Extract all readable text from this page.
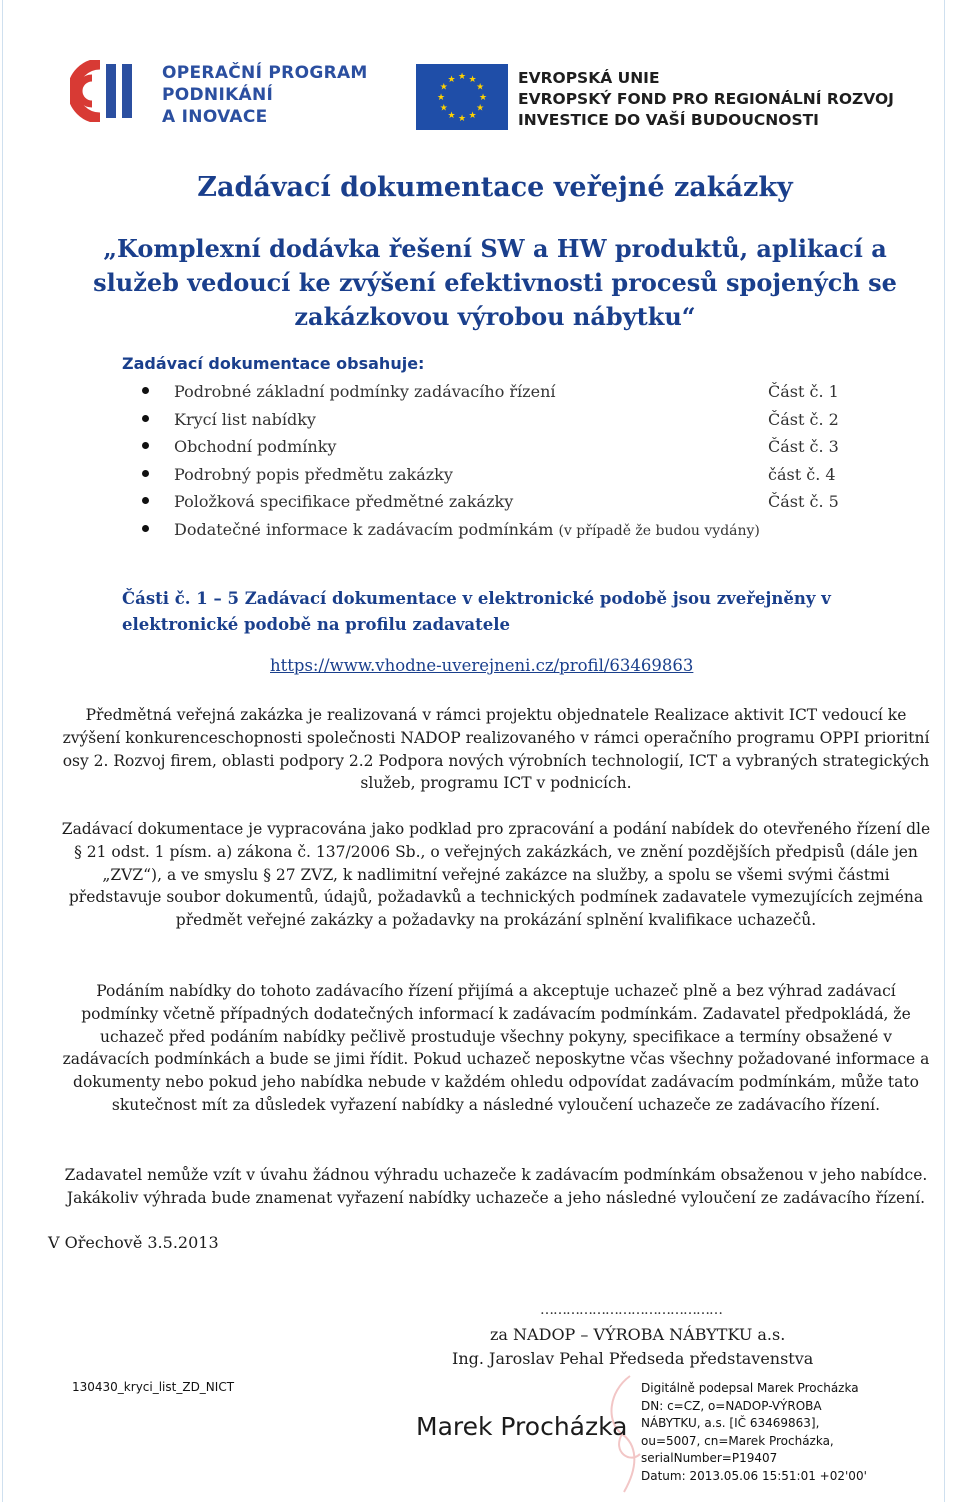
OPERAČNÍ PROGRAM
PODNIKÁNÍ
A INOVACE
★
★
★
★
★
★
★
★
★ ★ ★
★
EVROPSKÁ UNIE
EVROPSKÝ FOND PRO REGIONÁLNÍ ROZVOJ
INVESTICE DO VAŠÍ BUDOUCNOSTI
Zadávací dokumentace veřejné zakázky
„Komplexní dodávka řešení SW a HW produktů, aplikací a služeb vedoucí ke zvýšení efektivnosti procesů spojených se zakázkovou výrobou nábytku“
Zadávací dokumentace obsahuje:
Podrobné základní podmínky zadávacího řízení	Část č. 1
Krycí list nabídky	Část č. 2
Obchodní podmínky	Část č. 3
Podrobný popis předmětu zakázky	část č. 4
Položková specifikace předmětné zakázky	Část č. 5
Dodatečné informace k zadávacím podmínkám (v případě že budou vydány)
Části č. 1 – 5 Zadávací dokumentace v elektronické podobě jsou zveřejněny v elektronické podobě na profilu zadavatele
https://www.vhodne-uverejneni.cz/profil/63469863
Předmětná veřejná zakázka je realizovaná v rámci projektu objednatele Realizace aktivit ICT vedoucí ke zvýšení konkurenceschopnosti společnosti NADOP realizovaného v rámci operačního programu OPPI prioritní osy 2. Rozvoj firem, oblasti podpory 2.2 Podpora nových výrobních technologií, ICT a vybraných strategických služeb, programu ICT v podnicích.
Zadávací dokumentace je vypracována jako podklad pro zpracování a podání nabídek do otevřeného řízení dle § 21 odst. 1 písm. a) zákona č. 137/2006 Sb., o veřejných zakázkách, ve znění pozdějších předpisů (dále jen „ZVZ“), a ve smyslu § 27 ZVZ, k nadlimitní veřejné zakázce na služby, a spolu se všemi svými částmi představuje soubor dokumentů, údajů, požadavků a technických podmínek zadavatele vymezujících zejména předmět veřejné zakázky a požadavky na prokázání splnění kvalifikace uchazečů.
Podáním nabídky do tohoto zadávacího řízení přijímá a akceptuje uchazeč plně a bez výhrad zadávací podmínky včetně případných dodatečných informací k zadávacím podmínkám. Zadavatel předpokládá, že uchazeč před podáním nabídky pečlivě prostuduje všechny pokyny, specifikace a termíny obsažené v zadávacích podmínkách a bude se jimi řídit. Pokud uchazeč neposkytne včas všechny požadované informace a dokumenty nebo pokud jeho nabídka nebude v každém ohledu odpovídat zadávacím podmínkám, může tato skutečnost mít za důsledek vyřazení nabídky a následné vyloučení uchazeče ze zadávacího řízení.
Zadavatel nemůže vzít v úvahu žádnou výhradu uchazeče k zadávacím podmínkám obsaženou v jeho nabídce. Jakákoliv výhrada bude znamenat vyřazení nabídky uchazeče a jeho následné vyloučení ze zadávacího řízení.
V Ořechově 3.5.2013
……………………………………
za NADOP – VÝROBA NÁBYTKU a.s.
Ing. Jaroslav Pehal Předseda představenstva
130430_kryci_list_ZD_NICT
Marek Procházka
Digitálně podepsal Marek Procházka
DN: c=CZ, o=NADOP-VÝROBA
NÁBYTKU, a.s. [IČ 63469863],
ou=5007, cn=Marek Procházka,
serialNumber=P19407
Datum: 2013.05.06 15:51:01 +02'00'
